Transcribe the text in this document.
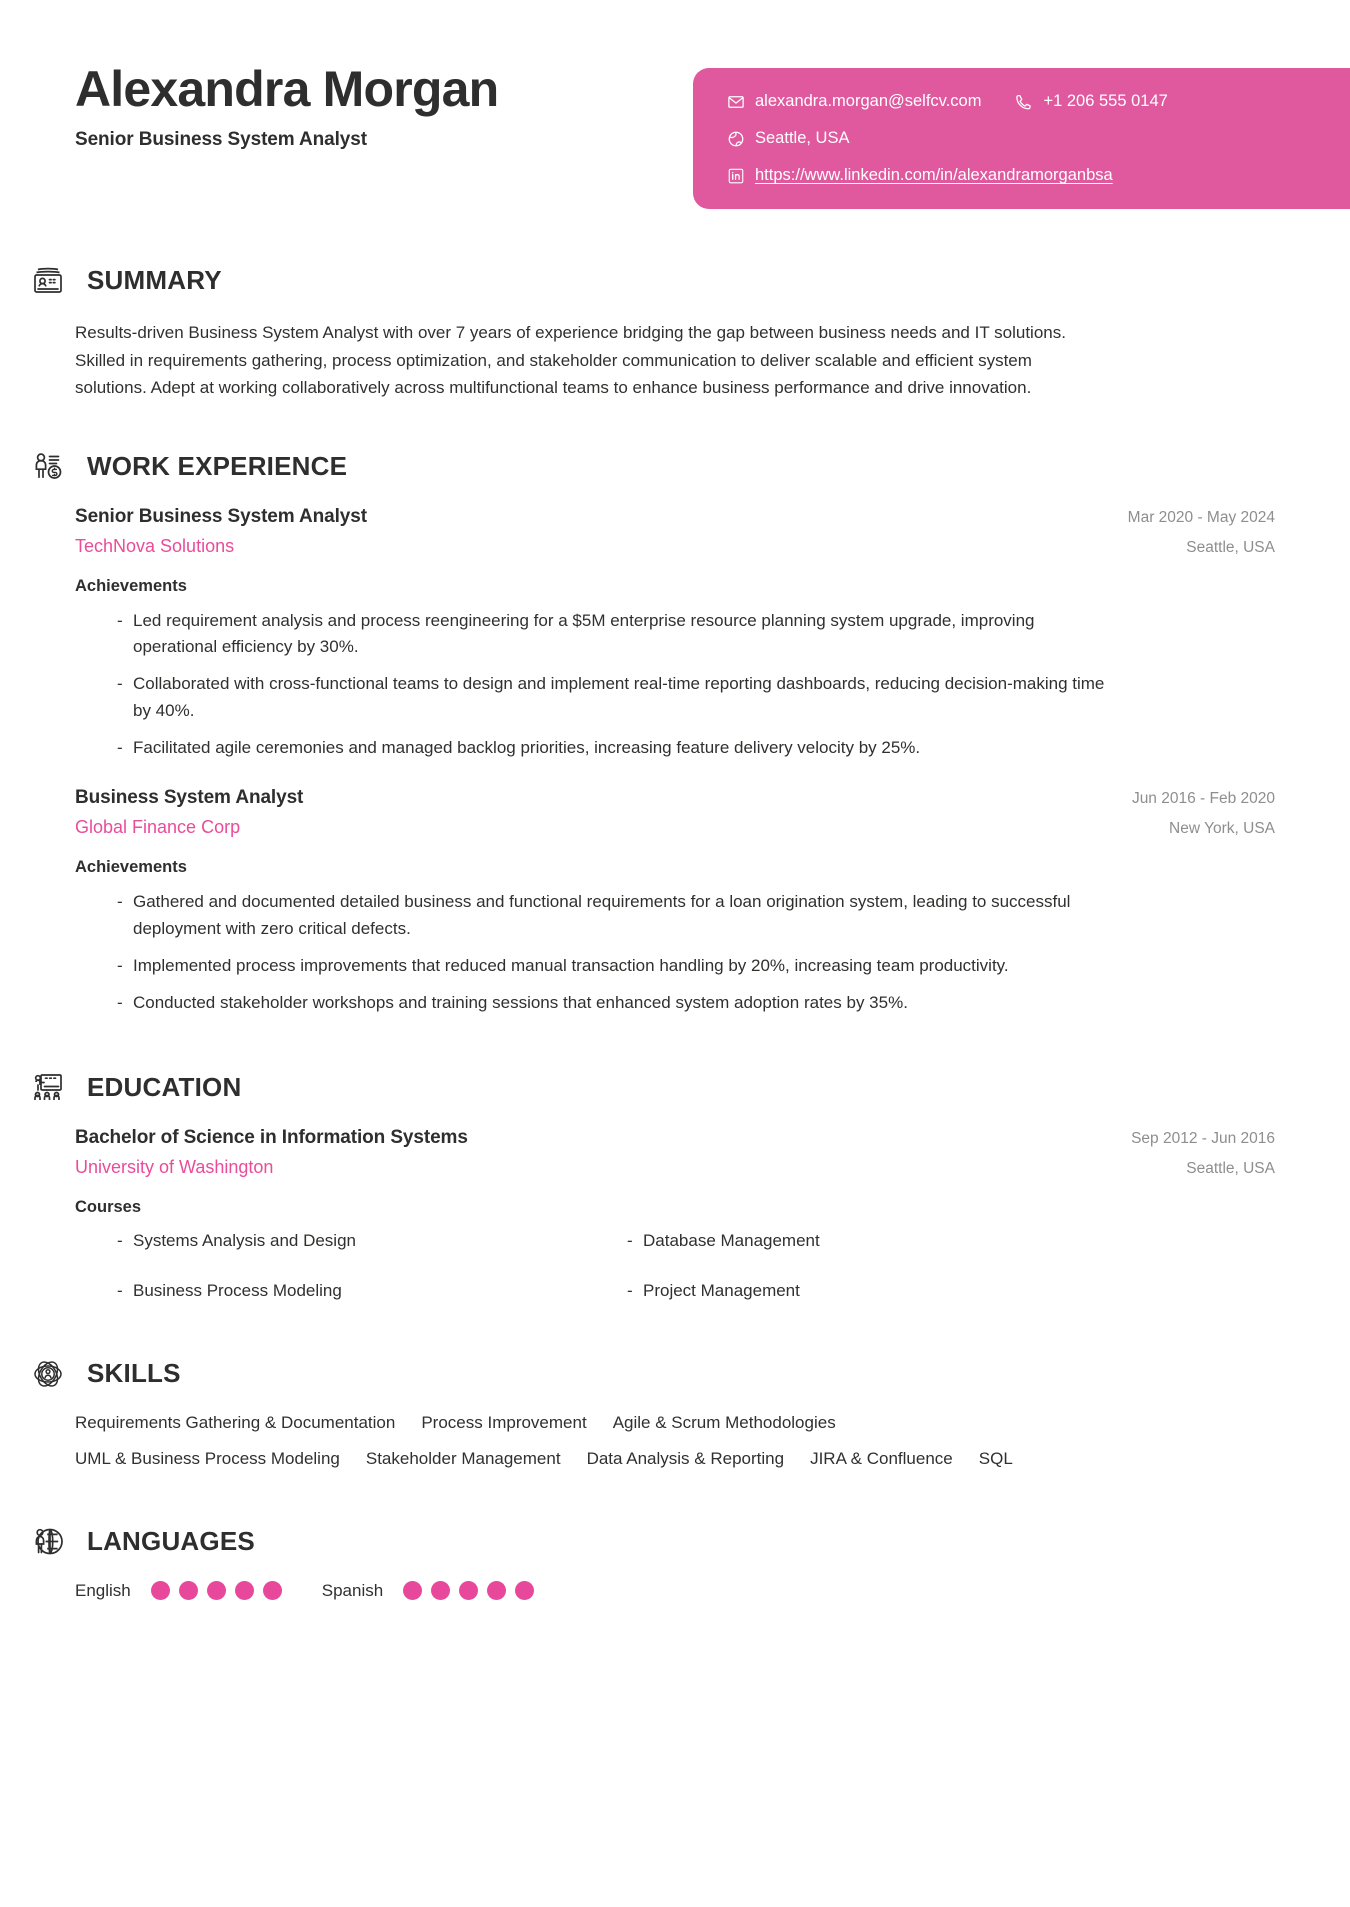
Alexandra Morgan
Senior Business System Analyst
alexandra.morgan@selfcv.com	+1 206 555 0147
Seattle, USA
https://www.linkedin.com/in/alexandramorganbsa
SUMMARY
Results-driven Business System Analyst with over 7 years of experience bridging the gap between business needs and IT solutions. Skilled in requirements gathering, process optimization, and stakeholder communication to deliver scalable and efficient system solutions. Adept at working collaboratively across multifunctional teams to enhance business performance and drive innovation.
WORK EXPERIENCE
Senior Business System Analyst	Mar 2020 - May 2024
TechNova Solutions	Seattle, USA
Achievements
- Led requirement analysis and process reengineering for a $5M enterprise resource planning system upgrade, improving operational efficiency by 30%.
- Collaborated with cross-functional teams to design and implement real-time reporting dashboards, reducing decision-making time by 40%.
- Facilitated agile ceremonies and managed backlog priorities, increasing feature delivery velocity by 25%.
Business System Analyst	Jun 2016 - Feb 2020
Global Finance Corp	New York, USA
Achievements
- Gathered and documented detailed business and functional requirements for a loan origination system, leading to successful deployment with zero critical defects.
- Implemented process improvements that reduced manual transaction handling by 20%, increasing team productivity.
- Conducted stakeholder workshops and training sessions that enhanced system adoption rates by 35%.
EDUCATION
Bachelor of Science in Information Systems	Sep 2012 - Jun 2016
University of Washington	Seattle, USA
Courses
- Systems Analysis and Design	- Database Management
- Business Process Modeling	- Project Management
SKILLS
Requirements Gathering & Documentation Process Improvement Agile & Scrum Methodologies
UML & Business Process Modeling Stakeholder Management Data Analysis & Reporting JIRA & Confluence SQL
LANGUAGES
English	Spanish
